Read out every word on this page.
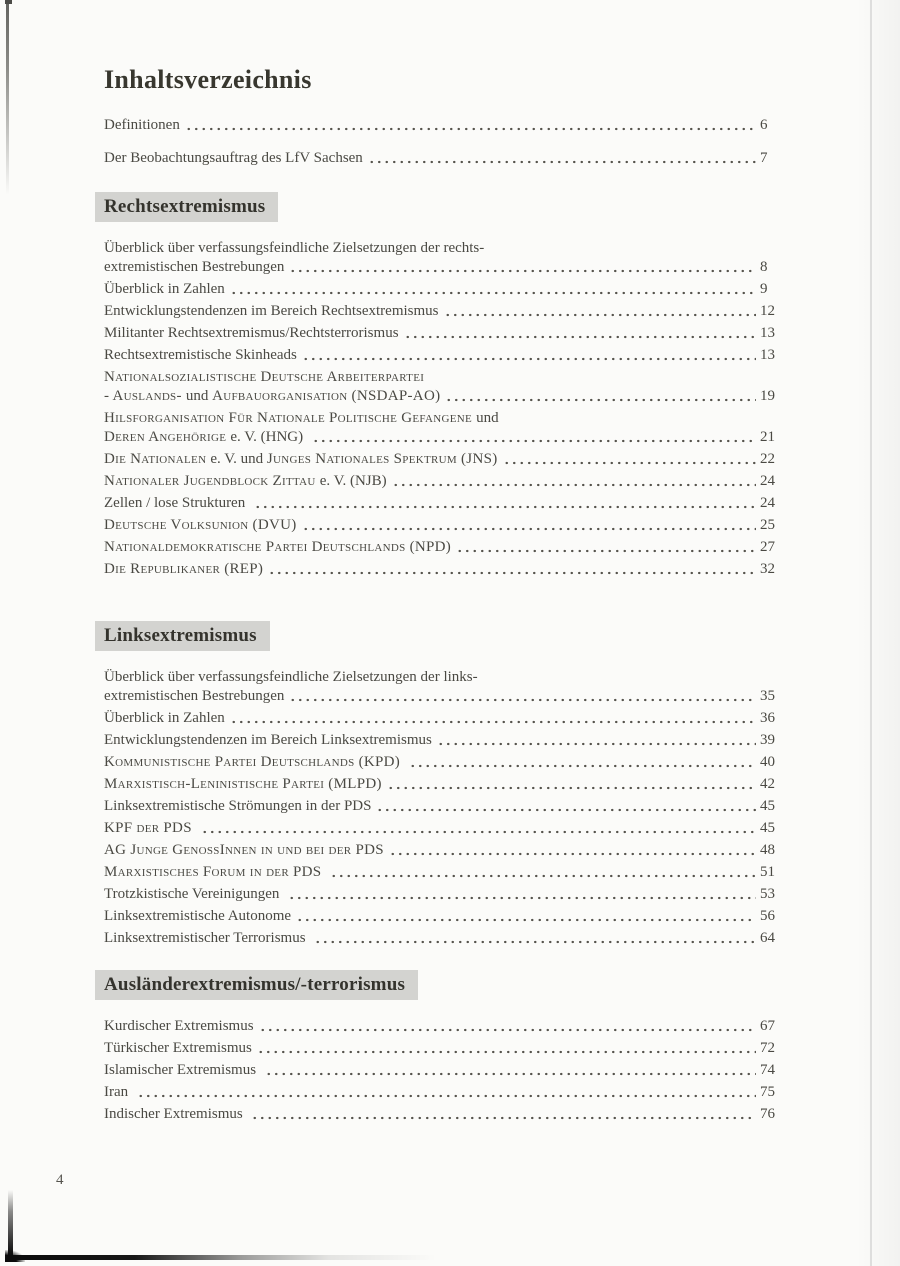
Inhaltsverzeichnis
Definitionen	6
Der Beobachtungsauftrag des LfV Sachsen	7
Rechtsextremismus
Überblick über verfassungsfeindliche Zielsetzungen der rechts-
extremistischen Bestrebungen	8
Überblick in Zahlen	9
Entwicklungstendenzen im Bereich Rechtsextremismus	12
Militanter Rechtsextremismus/Rechtsterrorismus	13
Rechtsextremistische Skinheads	13
Nationalsozialistische Deutsche Arbeiterpartei
- Auslands- und Aufbauorganisation (NSDAP-AO)	19
Hilsforganisation Für Nationale Politische Gefangene und
Deren Angehörige e. V. (HNG)	21
Die Nationalen e. V. und Junges Nationales Spektrum (JNS)	22
Nationaler Jugendblock Zittau e. V. (NJB)	24
Zellen / lose Strukturen	24
Deutsche Volksunion (DVU)	25
Nationaldemokratische Partei Deutschlands (NPD)	27
Die Republikaner (REP)	32
Linksextremismus
Überblick über verfassungsfeindliche Zielsetzungen der links-
extremistischen Bestrebungen	35
Überblick in Zahlen	36
Entwicklungstendenzen im Bereich Linksextremismus	39
Kommunistische Partei Deutschlands (KPD)	40
Marxistisch-Leninistische Partei (MLPD)	42
Linksextremistische Strömungen in der PDS	45
KPF der PDS	45
AG Junge GenossInnen in und bei der PDS	48
Marxistisches Forum in der PDS	51
Trotzkistische Vereinigungen	53
Linksextremistische Autonome	56
Linksextremistischer Terrorismus	64
Ausländerextremismus/-terrorismus
Kurdischer Extremismus	67
Türkischer Extremismus	72
Islamischer Extremismus	74
Iran	75
Indischer Extremismus	76
4
